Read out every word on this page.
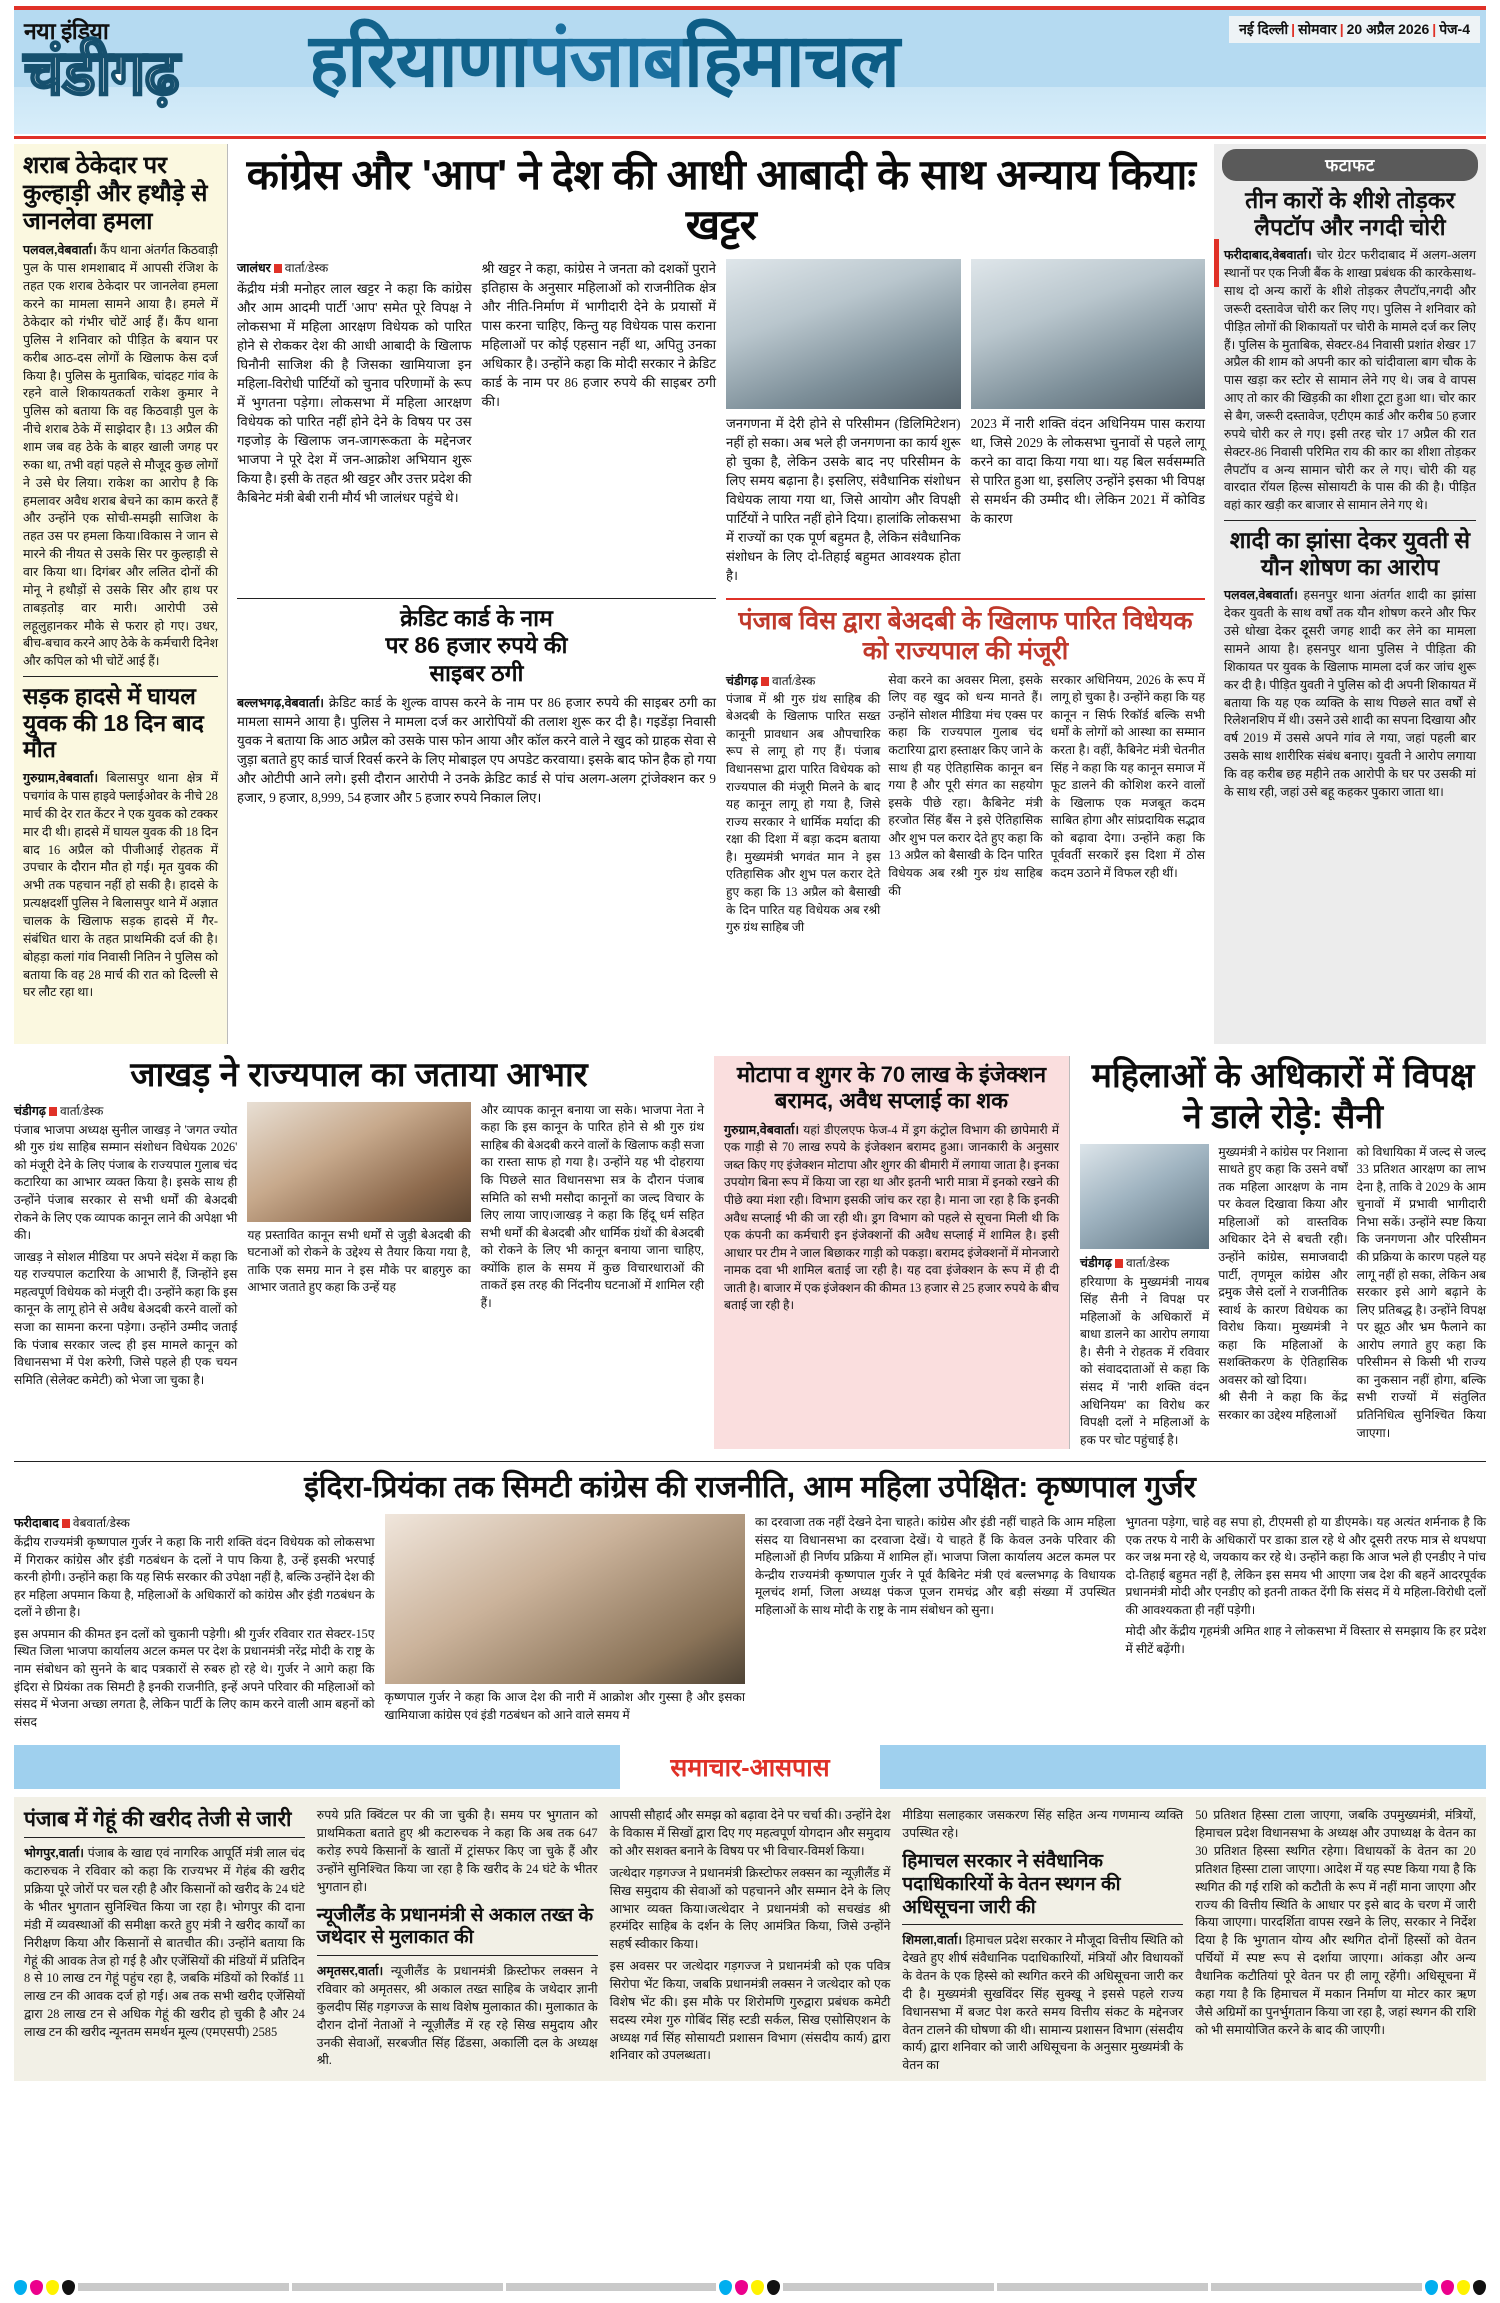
नया इंडिया
चंडीगढ़	हरियाणापंजाबहिमाचल	नई दिल्ली | सोमवार | 20 अप्रैल 2026 | पेज-4
शराब ठेकेदार पर कुल्हाड़ी और हथौड़े से जानलेवा हमला
पलवल,वेबवार्ता। कैंप थाना अंतर्गत किठवाड़ी पुल के पास शमशाबाद में आपसी रंजिश के तहत एक शराब ठेकेदार पर जानलेवा हमला करने का मामला सामने आया है। हमले में ठेकेदार को गंभीर चोटें आई हैं। कैंप थाना पुलिस ने शनिवार को पीड़ित के बयान पर करीब आठ-दस लोगों के खिलाफ केस दर्ज किया है। पुलिस के मुताबिक, चांदहट गांव के रहने वाले शिकायतकर्ता राकेश कुमार ने पुलिस को बताया कि वह किठवाड़ी पुल के नीचे शराब ठेके में साझेदार है। 13 अप्रैल की शाम जब वह ठेके के बाहर खाली जगह पर रुका था, तभी वहां पहले से मौजूद कुछ लोगों ने उसे घेर लिया। राकेश का आरोप है कि हमलावर अवैध शराब बेचने का काम करते हैं और उन्होंने एक सोची-समझी साजिश के तहत उस पर हमला किया।विकास ने जान से मारने की नीयत से उसके सिर पर कुल्हाड़ी से वार किया था। दिगंबर और ललित दोनों की मोनू ने हथौड़ों से उसके सिर और हाथ पर ताबड़तोड़ वार मारी। आरोपी उसे लहूलुहानकर मौके से फरार हो गए। उधर, बीच-बचाव करने आए ठेके के कर्मचारी दिनेश और कपिल को भी चोटें आई हैं।
सड़क हादसे में घायल युवक की 18 दिन बाद मौत
गुरुग्राम,वेबवार्ता। बिलासपुर थाना क्षेत्र में पचगांव के पास हाइवे फ्लाईओवर के नीचे 28 मार्च की देर रात केंटर ने एक युवक को टक्कर मार दी थी। हादसे में घायल युवक की 18 दिन बाद 16 अप्रैल को पीजीआई रोहतक में उपचार के दौरान मौत हो गई। मृत युवक की अभी तक पहचान नहीं हो सकी है। हादसे के प्रत्यक्षदर्शी पुलिस ने बिलासपुर थाने में अज्ञात चालक के खिलाफ सड़क हादसे में गैर-संबंधित धारा के तहत प्राथमिकी दर्ज की है। बोहड़ा कलां गांव निवासी नितिन ने पुलिस को बताया कि वह 28 मार्च की रात को दिल्ली से घर लौट रहा था।
कांग्रेस और 'आप' ने देश की आधी आबादी के साथ अन्याय कियाः खट्टर
जालंधर वार्ता/डेस्क
केंद्रीय मंत्री मनोहर लाल खट्टर ने कहा कि कांग्रेस और आम आदमी पार्टी 'आप' समेत पूरे विपक्ष ने लोकसभा में महिला आरक्षण विधेयक को पारित होने से रोककर देश की आधी आबादी के खिलाफ घिनौनी साजिश की है जिसका खामियाजा इन महिला-विरोधी पार्टियों को चुनाव परिणामों के रूप में भुगतना पड़ेगा। लोकसभा में महिला आरक्षण विधेयक को पारित नहीं होने देने के विषय पर उस गइजोड़ के खिलाफ जन-जागरूकता के मद्देनजर भाजपा ने पूरे देश में जन-आक्रोश अभियान शुरू किया है। इसी के तहत श्री खट्टर और उत्तर प्रदेश की कैबिनेट मंत्री बेबी रानी मौर्य भी जालंधर पहुंचे थे।
श्री खट्टर ने कहा, कांग्रेस ने जनता को दशकों पुराने इतिहास के अनुसार महिलाओं को राजनीतिक क्षेत्र और नीति-निर्माण में भागीदारी देने के प्रयासों में पास करना चाहिए, किन्तु यह विधेयक पास कराना महिलाओं पर कोई एहसान नहीं था, अपितु उनका अधिकार है। उन्होंने कहा कि मोदी सरकार ने क्रेडिट कार्ड के नाम पर 86 हजार रुपये की साइबर ठगी की।
जनगणना में देरी होने से परिसीमन (डिलिमिटेशन) नहीं हो सका। अब भले ही जनगणना का कार्य शुरू हो चुका है, लेकिन उसके बाद नए परिसीमन के लिए समय बढ़ाना है। इसलिए, संवैधानिक संशोधन विधेयक लाया गया था, जिसे आयोग और विपक्षी पार्टियों ने पारित नहीं होने दिया। हालांकि लोकसभा में राज्यों का एक पूर्ण बहुमत है, लेकिन संवैधानिक संशोधन के लिए दो-तिहाई बहुमत आवश्यक होता है।
2023 में नारी शक्ति वंदन अधिनियम पास कराया था, जिसे 2029 के लोकसभा चुनावों से पहले लागू करने का वादा किया गया था। यह बिल सर्वसम्मति से पारित हुआ था, इसलिए उन्होंने इसका भी विपक्ष से समर्थन की उम्मीद थी। लेकिन 2021 में कोविड के कारण
क्रेडिट कार्ड के नाम
पर 86 हजार रुपये की
साइबर ठगी
बल्लभगढ़,वेबवार्ता। क्रेडिट कार्ड के शुल्क वापस करने के नाम पर 86 हजार रुपये की साइबर ठगी का मामला सामने आया है। पुलिस ने मामला दर्ज कर आरोपियों की तलाश शुरू कर दी है। गइडेंड़ा निवासी युवक ने बताया कि आठ अप्रैल को उसके पास फोन आया और कॉल करने वाले ने खुद को ग्राहक सेवा से जुड़ा बताते हुए कार्ड चार्ज रिवर्स करने के लिए मोबाइल एप अपडेट करवाया। इसके बाद फोन हैक हो गया और ओटीपी आने लगे। इसी दौरान आरोपी ने उनके क्रेडिट कार्ड से पांच अलग-अलग ट्रांजेक्शन कर 9 हजार, 9 हजार, 8,999, 54 हजार और 5 हजार रुपये निकाल लिए।
पंजाब विस द्वारा बेअदबी के खिलाफ पारित विधेयक को राज्यपाल की मंजूरी
चंडीगढ़ वार्ता/डेस्क
पंजाब में श्री गुरु ग्रंथ साहिब की बेअदबी के खिलाफ पारित सख्त कानूनी प्रावधान अब औपचारिक रूप से लागू हो गए हैं। पंजाब विधानसभा द्वारा पारित विधेयक को राज्यपाल की मंजूरी मिलने के बाद यह कानून लागू हो गया है, जिसे राज्य सरकार ने धार्मिक मर्यादा की रक्षा की दिशा में बड़ा कदम बताया है। मुख्यमंत्री भगवंत मान ने इस एतिहासिक और शुभ पल करार देते हुए कहा कि 13 अप्रैल को बैसाखी के दिन पारित यह विधेयक अब रश्री गुरु ग्रंथ साहिब जी
सेवा करने का अवसर मिला, इसके लिए वह खुद को धन्य मानते हैं। उन्होंने सोशल मीडिया मंच एक्स पर कहा कि राज्यपाल गुलाब चंद कटारिया द्वारा हस्ताक्षर किए जाने के साथ ही यह ऐतिहासिक कानून बन गया है और पूरी संगत का सहयोग इसके पीछे रहा। कैबिनेट मंत्री हरजोत सिंह बैंस ने इसे ऐतिहासिक और शुभ पल करार देते हुए कहा कि 13 अप्रैल को बैसाखी के दिन पारित विधेयक अब रश्री गुरु ग्रंथ साहिब की
सरकार अधिनियम, 2026 के रूप में लागू हो चुका है। उन्होंने कहा कि यह कानून न सिर्फ रिकॉर्ड बल्कि सभी धर्मों के लोगों को आस्था का सम्मान करता है। वहीं, कैबिनेट मंत्री चेतनीत सिंह ने कहा कि यह कानून समाज में फूट डालने की कोशिश करने वालों के खिलाफ एक मजबूत कदम साबित होगा और सांप्रदायिक सद्भाव को बढ़ावा देगा। उन्होंने कहा कि पूर्ववर्ती सरकारें इस दिशा में ठोस कदम उठाने में विफल रही थीं।
फटाफट
तीन कारों के शीशे तोड़कर लैपटॉप और नगदी चोरी
फरीदाबाद,वेबवार्ता। चोर ग्रेटर फरीदाबाद में अलग-अलग स्थानों पर एक निजी बैंक के शाखा प्रबंधक की कारकेसाथ-साथ दो अन्य कारों के शीशे तोड़कर लैपटॉप,नगदी और जरूरी दस्तावेज चोरी कर लिए गए। पुलिस ने शनिवार को पीड़ित लोगों की शिकायतों पर चोरी के मामले दर्ज कर लिए हैं। पुलिस के मुताबिक, सेक्टर-84 निवासी प्रशांत शेखर 17 अप्रैल की शाम को अपनी कार को चांदीवाला बाग चौक के पास खड़ा कर स्टोर से सामान लेने गए थे। जब वे वापस आए तो कार की खिड़की का शीशा टूटा हुआ था। चोर कार से बैग, जरूरी दस्तावेज, एटीएम कार्ड और करीब 50 हजार रुपये चोरी कर ले गए। इसी तरह चोर 17 अप्रैल की रात सेक्टर-86 निवासी परिमित राय की कार का शीशा तोड़कर लैपटॉप व अन्य सामान चोरी कर ले गए। चोरी की यह वारदात रॉयल हिल्स सोसायटी के पास की की है। पीड़ित वहां कार खड़ी कर बाजार से सामान लेने गए थे।
शादी का झांसा देकर युवती से यौन शोषण का आरोप
पलवल,वेबवार्ता। हसनपुर थाना अंतर्गत शादी का झांसा देकर युवती के साथ वर्षों तक यौन शोषण करने और फिर उसे धोखा देकर दूसरी जगह शादी कर लेने का मामला सामने आया है। हसनपुर थाना पुलिस ने पीड़िता की शिकायत पर युवक के खिलाफ मामला दर्ज कर जांच शुरू कर दी है। पीड़ित युवती ने पुलिस को दी अपनी शिकायत में बताया कि यह एक व्यक्ति के साथ पिछले सात वर्षों से रिलेशनशिप में थी। उसने उसे शादी का सपना दिखाया और वर्ष 2019 में उससे अपने गांव ले गया, जहां पहली बार उसके साथ शारीरिक संबंध बनाए। युवती ने आरोप लगाया कि वह करीब छह महीने तक आरोपी के घर पर उसकी मां के साथ रही, जहां उसे बहू कहकर पुकारा जाता था।
जाखड़ ने राज्यपाल का जताया आभार
चंडीगढ़ वार्ता/डेस्क
पंजाब भाजपा अध्यक्ष सुनील जाखड़ ने 'जगत ज्योत श्री गुरु ग्रंथ साहिब सम्मान संशोधन विधेयक 2026' को मंजूरी देने के लिए पंजाब के राज्यपाल गुलाब चंद कटारिया का आभार व्यक्त किया है। इसके साथ ही उन्होंने पंजाब सरकार से सभी धर्मों की बेअदबी रोकने के लिए एक व्यापक कानून लाने की अपेक्षा भी की।
जाखड़ ने सोशल मीडिया पर अपने संदेश में कहा कि यह राज्यपाल कटारिया के आभारी हैं, जिन्होंने इस महत्वपूर्ण विधेयक को मंजूरी दी। उन्होंने कहा कि इस कानून के लागू होने से अवैध बेअदबी करने वालों को सजा का सामना करना पड़ेगा। उन्होंने उम्मीद जताई कि पंजाब सरकार जल्द ही इस मामले कानून को विधानसभा में पेश करेगी, जिसे पहले ही एक चयन समिति (सेलेक्ट कमेटी) को भेजा जा चुका है।
यह प्रस्तावित कानून सभी धर्मों से जुड़ी बेअदबी की घटनाओं को रोकने के उद्देश्य से तैयार किया गया है, ताकि एक समग्र मान ने इस मौके पर बाहगुरु का आभार जताते हुए कहा कि उन्हें यह
और व्यापक कानून बनाया जा सके। भाजपा नेता ने कहा कि इस कानून के पारित होने से श्री गुरु ग्रंथ साहिब की बेअदबी करने वालों के खिलाफ कड़ी सजा का रास्ता साफ हो गया है। उन्होंने यह भी दोहराया कि पिछले सात विधानसभा सत्र के दौरान पंजाब समिति को सभी मसौदा कानूनों का जल्द विचार के लिए लाया जाए।जाखड़ ने कहा कि हिंदू धर्म सहित सभी धर्मों की बेअदबी और धार्मिक ग्रंथों की बेअदबी को रोकने के लिए भी कानून बनाया जाना चाहिए, क्योंकि हाल के समय में कुछ विचारधाराओं की ताकतें इस तरह की निंदनीय घटनाओं में शामिल रही हैं।
मोटापा व शुगर के 70 लाख के इंजेक्शन बरामद, अवैध सप्लाई का शक
गुरुग्राम,वेबवार्ता। यहां डीएलएफ फेज-4 में ड्रग कंट्रोल विभाग की छापेमारी में एक गाड़ी से 70 लाख रुपये के इंजेक्शन बरामद हुआ। जानकारी के अनुसार जब्त किए गए इंजेक्शन मोटापा और शुगर की बीमारी में लगाया जाता है। इनका उपयोग बिना रूप में किया जा रहा था और इतनी भारी मात्रा में इनको रखने की पीछे क्या मंशा रही। विभाग इसकी जांच कर रहा है। माना जा रहा है कि इनकी अवैध सप्लाई भी की जा रही थी। ड्रग विभाग को पहले से सूचना मिली थी कि एक कंपनी का कर्मचारी इन इंजेक्शनों की अवैध सप्लाई में शामिल है। इसी आधार पर टीम ने जाल बिछाकर गाड़ी को पकड़ा। बरामद इंजेक्शनों में मोनजारो नामक दवा भी शामिल बताई जा रही है। यह दवा इंजेक्शन के रूप में ही दी जाती है। बाजार में एक इंजेक्शन की कीमत 13 हजार से 25 हजार रुपये के बीच बताई जा रही है।
महिलाओं के अधिकारों में विपक्ष ने डाले रोड़े: सैनी
चंडीगढ़ वार्ता/डेस्क
हरियाणा के मुख्यमंत्री नायब सिंह सैनी ने विपक्ष पर महिलाओं के अधिकारों में बाधा डालने का आरोप लगाया है। सैनी ने रोहतक में रविवार को संवाददाताओं से कहा कि संसद में 'नारी शक्ति वंदन अधिनियम' का विरोध कर विपक्षी दलों ने महिलाओं के हक पर चोट पहुंचाई है।
मुख्यमंत्री ने कांग्रेस पर निशाना साधते हुए कहा कि उसने वर्षों तक महिला आरक्षण के नाम पर केवल दिखावा किया और महिलाओं को वास्तविक अधिकार देने से बचती रही। उन्होंने कांग्रेस, समाजवादी पार्टी, तृणमूल कांग्रेस और द्रमुक जैसे दलों ने राजनीतिक स्वार्थ के कारण विधेयक का विरोध किया। मुख्यमंत्री ने कहा कि महिलाओं के सशक्तिकरण के ऐतिहासिक अवसर को खो दिया।
श्री सैनी ने कहा कि केंद्र सरकार का उद्देश्य महिलाओं
को विधायिका में जल्द से जल्द 33 प्रतिशत आरक्षण का लाभ देना है, ताकि वे 2029 के आम चुनावों में प्रभावी भागीदारी निभा सकें। उन्होंने स्पष्ट किया कि जनगणना और परिसीमन की प्रक्रिया के कारण पहले यह लागू नहीं हो सका, लेकिन अब सरकार इसे आगे बढ़ाने के लिए प्रतिबद्ध है। उन्होंने विपक्ष पर झूठ और भ्रम फैलाने का आरोप लगाते हुए कहा कि परिसीमन से किसी भी राज्य का नुकसान नहीं होगा, बल्कि सभी राज्यों में संतुलित प्रतिनिधित्व सुनिश्चित किया जाएगा।
इंदिरा-प्रियंका तक सिमटी कांग्रेस की राजनीति, आम महिला उपेक्षित: कृष्णपाल गुर्जर
फरीदाबाद वेबवार्ता/डेस्क
केंद्रीय राज्यमंत्री कृष्णपाल गुर्जर ने कहा कि नारी शक्ति वंदन विधेयक को लोकसभा में गिराकर कांग्रेस और इंडी गठबंधन के दलों ने पाप किया है, उन्हें इसकी भरपाई करनी होगी। उन्होंने कहा कि यह सिर्फ सरकार की उपेक्षा नहीं है, बल्कि उन्होंने देश की हर महिला अपमान किया है, महिलाओं के अधिकारों को कांग्रेस और इंडी गठबंधन के दलों ने छीना है।
इस अपमान की कीमत इन दलों को चुकानी पड़ेगी। श्री गुर्जर रविवार रात सेक्टर-15ए स्थित जिला भाजपा कार्यालय अटल कमल पर देश के प्रधानमंत्री नरेंद्र मोदी के राष्ट्र के नाम संबोधन को सुनने के बाद पत्रकारों से रुबरु हो रहे थे। गुर्जर ने आगे कहा कि इंदिरा से प्रियंका तक सिमटी है इनकी राजनीति, इन्हें अपने परिवार की महिलाओं को संसद में भेजना अच्छा लगता है, लेकिन पार्टी के लिए काम करने वाली आम बहनों को संसद
कृष्णपाल गुर्जर ने कहा कि आज देश की नारी में आक्रोश और गुस्सा है और इसका खामियाजा कांग्रेस एवं इंडी गठबंधन को आने वाले समय में
का दरवाजा तक नहीं देखने देना चाहते। कांग्रेस और इंडी नहीं चाहते कि आम महिला संसद या विधानसभा का दरवाजा देखें। ये चाहते हैं कि केवल उनके परिवार की महिलाओं ही निर्णय प्रक्रिया में शामिल हों। भाजपा जिला कार्यालय अटल कमल पर केन्द्रीय राज्यमंत्री कृष्णपाल गुर्जर ने पूर्व कैबिनेट मंत्री एवं बल्लभगढ़ के विधायक मूलचंद शर्मा, जिला अध्यक्ष पंकज पूजन रामचंद्र और बड़ी संख्या में उपस्थित महिलाओं के साथ मोदी के राष्ट्र के नाम संबोधन को सुना।
भुगतना पड़ेगा, चाहे वह सपा हो, टीएमसी हो या डीएमके। यह अत्यंत शर्मनाक है कि एक तरफ ये नारी के अधिकारों पर डाका डाल रहे थे और दूसरी तरफ मात्र से थपथपा कर जश्न मना रहे थे, जयकाय कर रहे थे। उन्होंने कहा कि आज भले ही एनडीए ने पांच दो-तिहाई बहुमत नहीं है, लेकिन इस समय भी आएगा जब देश की बहनें आदरपूर्वक प्रधानमंत्री मोदी और एनडीए को इतनी ताकत देंगी कि संसद में ये महिला-विरोधी दलों की आवश्यकता ही नहीं पड़ेगी।
मोदी और केंद्रीय गृहमंत्री अमित शाह ने लोकसभा में विस्तार से समझाय कि हर प्रदेश में सीटें बढ़ेंगी।
समाचार-आसपास
पंजाब में गेहूं की खरीद तेजी से जारी
भोगपुर,वार्ता। पंजाब के खाद्य एवं नागरिक आपूर्ति मंत्री लाल चंद कटारुचक ने रविवार को कहा कि राज्यभर में गेहंब की खरीद प्रक्रिया पूरे जोरों पर चल रही है और किसानों को खरीद के 24 घंटे के भीतर भुगतान सुनिश्चित किया जा रहा है। भोगपुर की दाना मंडी में व्यवस्थाओं की समीक्षा करते हुए मंत्री ने खरीद कार्यों का निरीक्षण किया और किसानों से बातचीत की। उन्होंने बताया कि गेहूं की आवक तेज हो गई है और एजेंसियों की मंडियों में प्रतिदिन 8 से 10 लाख टन गेहूं पहुंच रहा है, जबकि मंडियों को रिकॉर्ड 11 लाख टन की आवक दर्ज हो गई। अब तक सभी खरीद एजेंसियों द्वारा 28 लाख टन से अधिक गेहूं की खरीद हो चुकी है और 24 लाख टन की खरीद न्यूनतम समर्थन मूल्य (एमएसपी) 2585
रुपये प्रति क्विंटल पर की जा चुकी है। समय पर भुगतान को प्राथमिकता बताते हुए श्री कटारुचक ने कहा कि अब तक 647 करोड़ रुपये किसानों के खातों में ट्रांसफर किए जा चुके हैं और उन्होंने सुनिश्चित किया जा रहा है कि खरीद के 24 घंटे के भीतर भुगतान हो।
न्यूजीलैंड के प्रधानमंत्री से अकाल तख्त के जथेदार से मुलाकात की
अमृतसर,वार्ता। न्यूजीलैंड के प्रधानमंत्री क्रिस्टोफर लक्सन ने रविवार को अमृतसर, श्री अकाल तख्त साहिब के जथेदार ज्ञानी कुलदीप सिंह गड़गज्ज के साथ विशेष मुलाकात की। मुलाकात के दौरान दोनों नेताओं ने न्यूज़ीलैंड में रह रहे सिख समुदाय और उनकी सेवाओं, सरबजीत सिंह ढिंडसा, अकालिी दल के अध्यक्ष श्री.
आपसी सौहार्द और समझ को बढ़ावा देने पर चर्चा की। उन्होंने देश के विकास में सिखों द्वारा दिए गए महत्वपूर्ण योगदान और समुदाय को और सशक्त बनाने के विषय पर भी विचार-विमर्श किया।
जत्थेदार गड़गज्ज ने प्रधानमंत्री क्रिस्टोफर लक्सन का न्यूज़ीलैंड में सिख समुदाय की सेवाओं को पहचानने और सम्मान देने के लिए आभार व्यक्त किया।जत्थेदार ने प्रधानमंत्री को सचखंड श्री हरमंदिर साहिब के दर्शन के लिए आमंत्रित किया, जिसे उन्होंने सहर्ष स्वीकार किया।
इस अवसर पर जत्थेदार गड़गज्ज ने प्रधानमंत्री को एक पवित्र सिरोपा भेंट किया, जबकि प्रधानमंत्री लक्सन ने जत्थेदार को एक विशेष भेंट की। इस मौके पर शिरोमणि गुरुद्वारा प्रबंधक कमेटी सदस्य रमेश गुरु गोबिंद सिंह स्टडी सर्कल, सिख एसोसिएशन के अध्यक्ष गर्व सिंह सोसायटी प्रशासन विभाग (संसदीय कार्य) द्वारा शनिवार को उपलब्धता।
मीडिया सलाहकार जसकरण सिंह सहित अन्य गणमान्य व्यक्ति उपस्थित रहे।
हिमाचल सरकार ने संवैधानिक पदाधिकारियों के वेतन स्थगन की अधिसूचना जारी की
शिमला,वार्ता। हिमाचल प्रदेश सरकार ने मौजूदा वित्तीय स्थिति को देखते हुए शीर्ष संवैधानिक पदाधिकारियों, मंत्रियों और विधायकों के वेतन के एक हिस्से को स्थगित करने की अधिसूचना जारी कर दी है। मुख्यमंत्री सुखविंदर सिंह सुक्खू ने इससे पहले राज्य विधानसभा में बजट पेश करते समय वित्तीय संकट के मद्देनजर वेतन टालने की घोषणा की थी। सामान्य प्रशासन विभाग (संसदीय कार्य) द्वारा शनिवार को जारी अधिसूचना के अनुसार मुख्यमंत्री के वेतन का
50 प्रतिशत हिस्सा टाला जाएगा, जबकि उपमुख्यमंत्री, मंत्रियों, हिमाचल प्रदेश विधानसभा के अध्यक्ष और उपाध्यक्ष के वेतन का 30 प्रतिशत हिस्सा स्थगित रहेगा। विधायकों के वेतन का 20 प्रतिशत हिस्सा टाला जाएगा। आदेश में यह स्पष्ट किया गया है कि स्थगित की गई राशि को कटौती के रूप में नहीं माना जाएगा और राज्य की वित्तीय स्थिति के आधार पर इसे बाद के चरण में जारी किया जाएगा। पारदर्शिता वापस रखने के लिए, सरकार ने निर्देश दिया है कि भुगतान योग्य और स्थगित दोनों हिस्सों को वेतन पर्चियों में स्पष्ट रूप से दर्शाया जाएगा। आंकड़ा और अन्य वैधानिक कटौतियां पूरे वेतन पर ही लागू रहेंगी। अधिसूचना में कहा गया है कि हिमाचल में मकान निर्माण या मोटर कार ऋण जैसे अग्रिमों का पुनर्भुगतान किया जा रहा है, जहां स्थगन की राशि को भी समायोजित करने के बाद की जाएगी।
